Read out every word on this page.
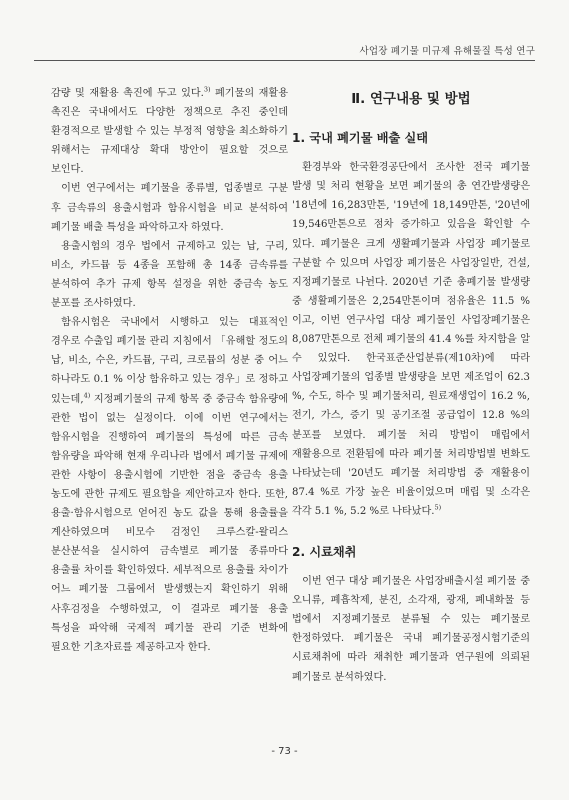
사업장 폐기물 미규제 유해물질 특성 연구

감량 및 재활용 촉진에 두고 있다.$^{3)}$ 폐기물의 재활용 촉진은 국내에서도 다양한 정책으로 추진 중인데 환경적으로 발생할 수 있는 부정적 영향을 최소화하기 위해서는 규제대상 확대 방안이 필요할 것으로 보인다.

이번 연구에서는 폐기물을 종류별, 업종별로 구분 후 금속류의 용출시험과 함유시험을 비교 분석하여 폐기물 배출 특성을 파악하고자 하였다.

용출시험의 경우 법에서 규제하고 있는 납, 구리, 비소, 카드뮴 등 4종을 포함해 총 14종 금속류를 분석하여 추가 규제 항목 설정을 위한 중금속 농도 분포를 조사하였다.

함유시험은 국내에서 시행하고 있는 대표적인 경우로 수출입 폐기물 관리 지침에서 「유해할 정도의 납, 비소, 수은, 카드뮴, 구리, 크로뮴의 성분 중 어느 하나라도 0.1 % 이상 함유하고 있는 경우」로 정하고 있는데,$^{4)}$ 지정폐기물의 규제 항목 중 중금속 함유량에 관한 법이 없는 실정이다. 이에 이번 연구에서는 함유시험을 진행하여 폐기물의 특성에 따른 금속 함유량을 파악해 현재 우리나라 법에서 폐기물 규제에 관한 사항이 용출시험에 기반한 점을 중금속 용출 농도에 관한 규제도 필요함을 제안하고자 한다. 또한, 용출·함유시험으로 얻어진 농도 값을 통해 용출률을 계산하였으며 비모수 검정인 크루스칼-왈리스 분산분석을 실시하여 금속별로 폐기물 종류마다 용출률 차이를 확인하였다. 세부적으로 용출률 차이가 어느 폐기물 그룹에서 발생했는지 확인하기 위해 사후검정을 수행하였고, 이 결과로 폐기물 용출 특성을 파악해 국제적 폐기물 관리 기준 변화에 필요한 기초자료를 제공하고자 한다.

Ⅱ. 연구내용 및 방법
1. 국내 폐기물 배출 실태

환경부와 한국환경공단에서 조사한 전국 폐기물 발생 및 처리 현황을 보면 폐기물의 총 연간발생량은 '18년에 16,283만톤, '19년에 18,149만톤, '20년에 19,546만톤으로 점차 증가하고 있음을 확인할 수 있다. 폐기물은 크게 생활폐기물과 사업장 폐기물로 구분할 수 있으며 사업장 폐기물은 사업장일반, 건설, 지정폐기물로 나뉜다. 2020년 기준 총폐기물 발생량 중 생활폐기물은 2,254만톤이며 점유율은 11.5 %이고, 이번 연구사업 대상 폐기물인 사업장폐기물은 8,087만톤으로 전체 폐기물의 41.4 %를 차지함을 알 수 있었다. 한국표준산업분류(제10차)에 따라 사업장폐기물의 업종별 발생량을 보면 제조업이 62.3 %, 수도, 하수 및 폐기물처리, 원료재생업이 16.2 %, 전기, 가스, 증기 및 공기조절 공급업이 12.8 %의 분포를 보였다. 폐기물 처리 방법이 매립에서 재활용으로 전환됨에 따라 폐기물 처리방법별 변화도 나타났는데 '20년도 폐기물 처리방법 중 재활용이 87.4 %로 가장 높은 비율이었으며 매립 및 소각은 각각 5.1 %, 5.2 %로 나타났다.$^{5)}$

2. 시료채취

이번 연구 대상 폐기물은 사업장배출시설 폐기물 중 오니류, 폐흡착제, 분진, 소각재, 광재, 폐내화물 등 법에서 지정폐기물로 분류될 수 있는 폐기물로 한정하였다. 폐기물은 국내 폐기물공정시험기준의 시료채취에 따라 채취한 폐기물과 연구원에 의뢰된 폐기물로 분석하였다.

- 73 -
